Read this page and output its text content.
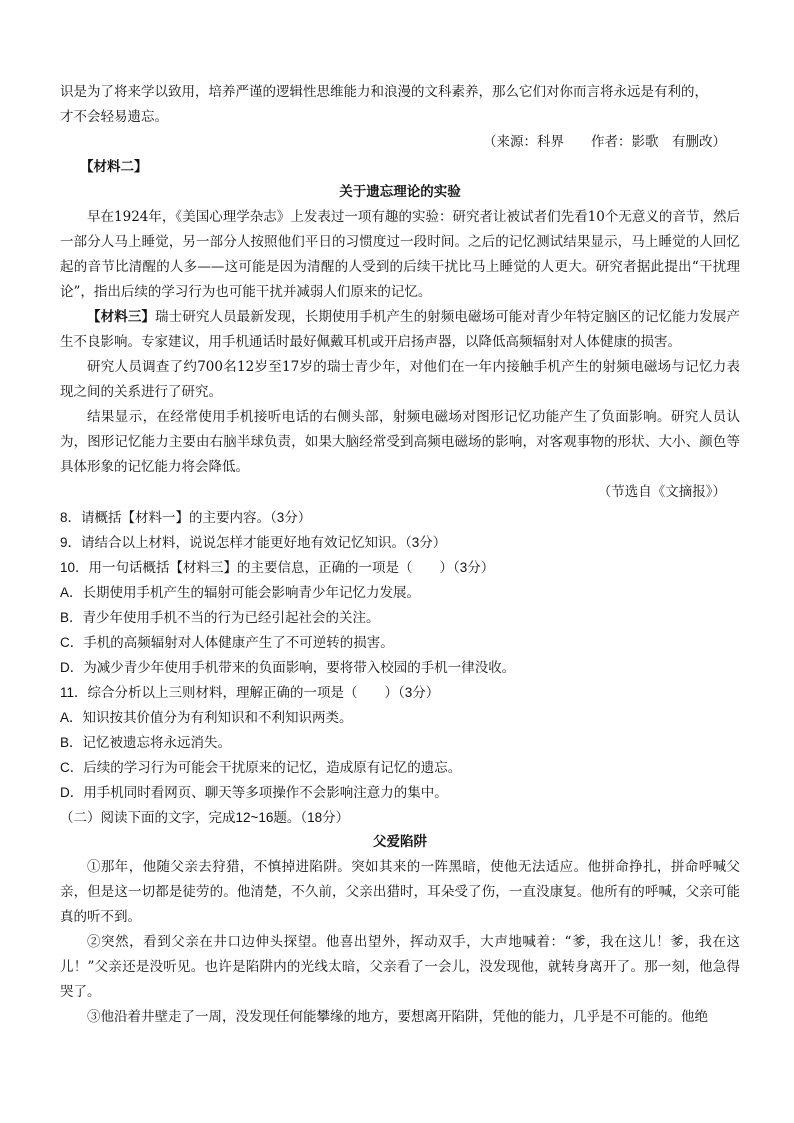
识是为了将来学以致用，培养严谨的逻辑性思维能力和浪漫的文科素养，那么它们对你而言将永远是有利的，

才不会轻易遗忘。

（来源：科界　　作者：影歌　有删改）

【材料二】

关于遗忘理论的实验

早在1924年，《美国心理学杂志》上发表过一项有趣的实验：研究者让被试者们先看10个无意义的音节，然后一部分人马上睡觉，另一部分人按照他们平日的习惯度过一段时间。之后的记忆测试结果显示，马上睡觉的人回忆起的音节比清醒的人多——这可能是因为清醒的人受到的后续干扰比马上睡觉的人更大。研究者据此提出“干扰理论”，指出后续的学习行为也可能干扰并减弱人们原来的记忆。

【材料三】瑞士研究人员最新发现，长期使用手机产生的射频电磁场可能对青少年特定脑区的记忆能力发展产生不良影响。专家建议，用手机通话时最好佩戴耳机或开启扬声器，以降低高频辐射对人体健康的损害。

研究人员调查了约700名12岁至17岁的瑞士青少年，对他们在一年内接触手机产生的射频电磁场与记忆力表现之间的关系进行了研究。

结果显示，在经常使用手机接听电话的右侧头部，射频电磁场对图形记忆功能产生了负面影响。研究人员认为，图形记忆能力主要由右脑半球负责，如果大脑经常受到高频电磁场的影响，对客观事物的形状、大小、颜色等具体形象的记忆能力将会降低。

（节选自《文摘报》）

8．请概括【材料一】的主要内容。（3分）

9．请结合以上材料，说说怎样才能更好地有效记忆知识。（3分）

10．用一句话概括【材料三】的主要信息，正确的一项是（　　）（3分）

A．长期使用手机产生的辐射可能会影响青少年记忆力发展。

B．青少年使用手机不当的行为已经引起社会的关注。

C．手机的高频辐射对人体健康产生了不可逆转的损害。

D．为减少青少年使用手机带来的负面影响，要将带入校园的手机一律没收。

11．综合分析以上三则材料，理解正确的一项是（　　）（3分）

A．知识按其价值分为有利知识和不利知识两类。

B．记忆被遗忘将永远消失。

C．后续的学习行为可能会干扰原来的记忆，造成原有记忆的遗忘。

D．用手机同时看网页、聊天等多项操作不会影响注意力的集中。

（二）阅读下面的文字，完成12~16题。（18分）

父爱陷阱

①那年，他随父亲去狩猎，不慎掉进陷阱。突如其来的一阵黑暗，使他无法适应。他拼命挣扎，拼命呼喊父亲，但是这一切都是徒劳的。他清楚，不久前，父亲出猎时，耳朵受了伤，一直没康复。他所有的呼喊，父亲可能真的听不到。

②突然，看到父亲在井口边伸头探望。他喜出望外，挥动双手，大声地喊着：“爹，我在这儿！爹，我在这儿！”父亲还是没听见。也许是陷阱内的光线太暗，父亲看了一会儿，没发现他，就转身离开了。那一刻，他急得哭了。

③他沿着井壁走了一周，没发现任何能攀缘的地方，要想离开陷阱，凭他的能力，几乎是不可能的。他绝
